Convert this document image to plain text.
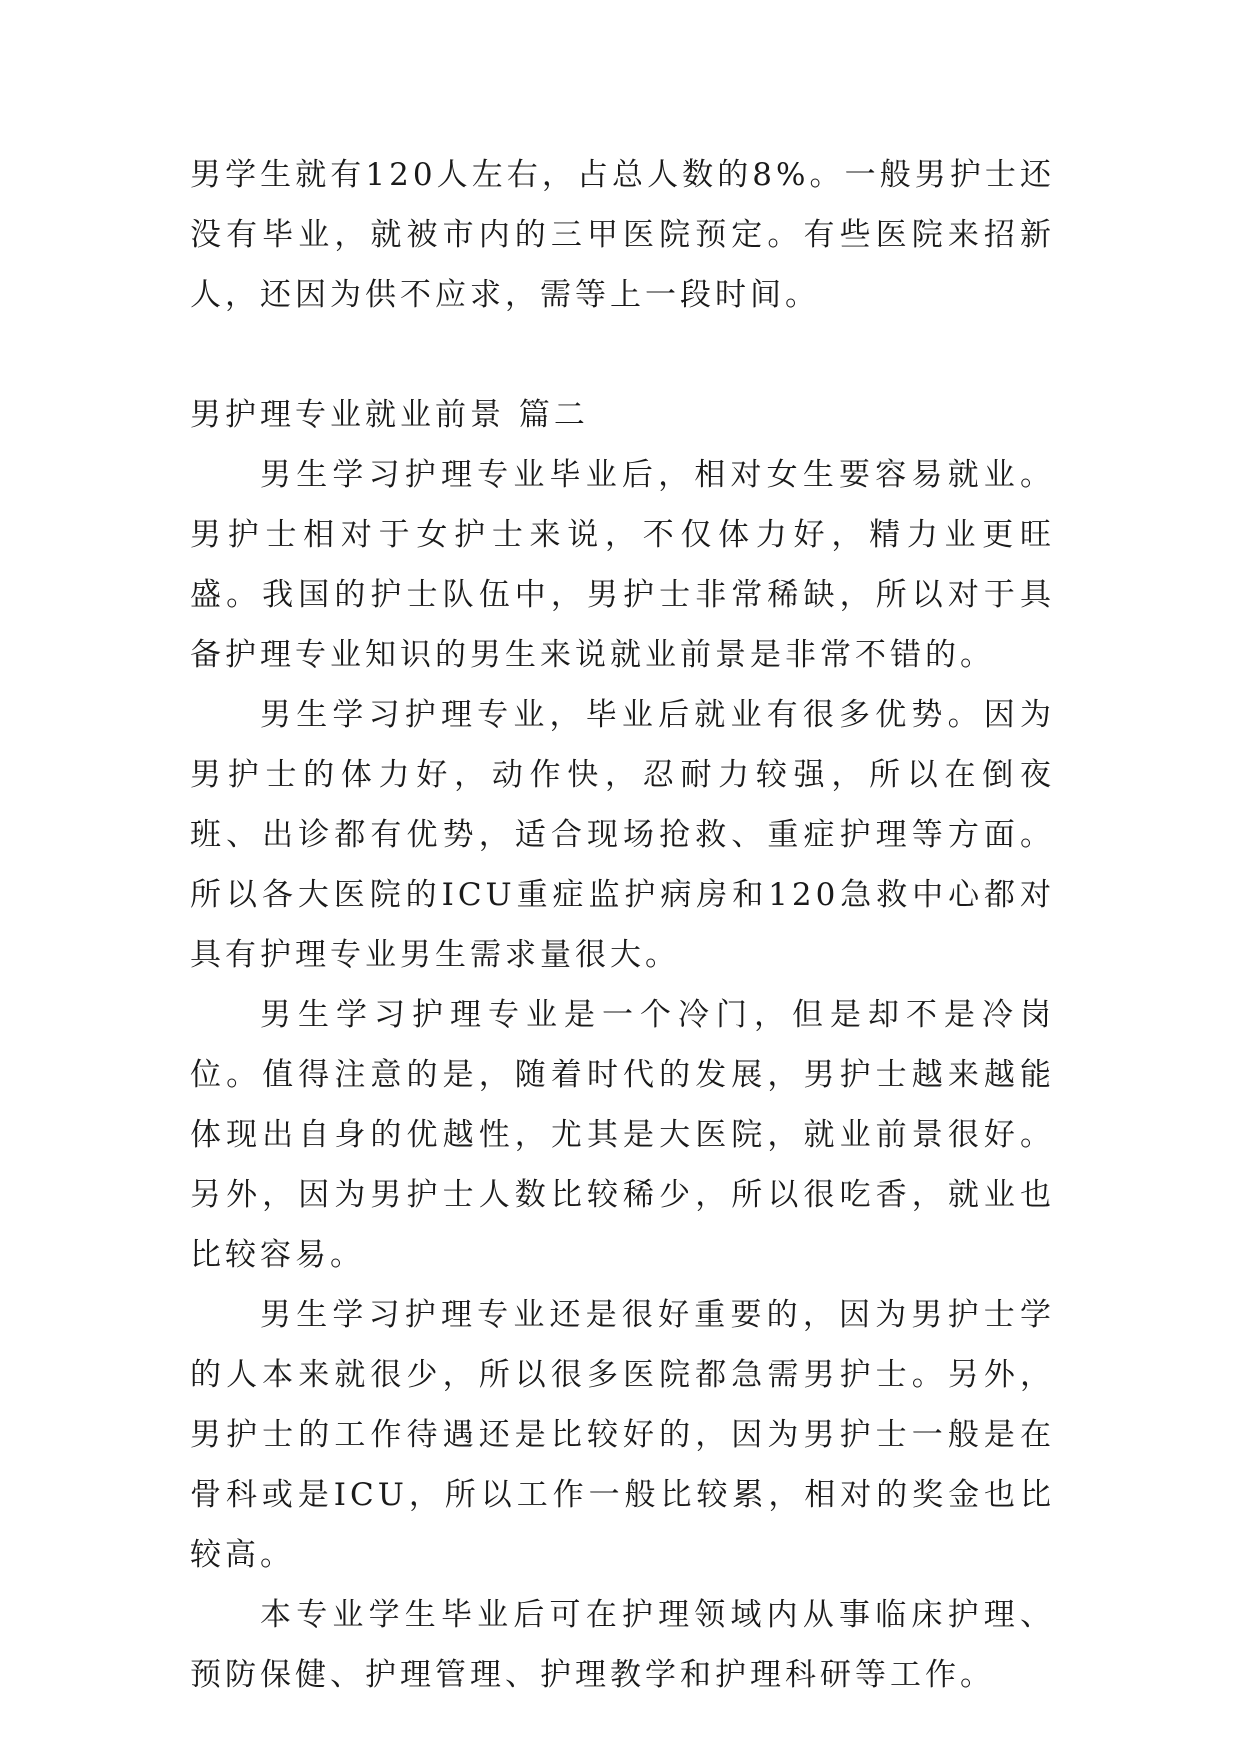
男学生就有120人左右，占总人数的8%。一般男护士还没有毕业，就被市内的三甲医院预定。有些医院来招新人，还因为供不应求，需等上一段时间。

男护理专业就业前景 篇二

男生学习护理专业毕业后，相对女生要容易就业。男护士相对于女护士来说，不仅体力好，精力业更旺盛。我国的护士队伍中，男护士非常稀缺，所以对于具备护理专业知识的男生来说就业前景是非常不错的。

男生学习护理专业，毕业后就业有很多优势。因为男护士的体力好，动作快，忍耐力较强，所以在倒夜班、出诊都有优势，适合现场抢救、重症护理等方面。所以各大医院的ICU重症监护病房和120急救中心都对具有护理专业男生需求量很大。

男生学习护理专业是一个冷门，但是却不是冷岗位。值得注意的是，随着时代的发展，男护士越来越能体现出自身的优越性，尤其是大医院，就业前景很好。另外，因为男护士人数比较稀少，所以很吃香，就业也比较容易。

男生学习护理专业还是很好重要的，因为男护士学的人本来就很少，所以很多医院都急需男护士。另外，男护士的工作待遇还是比较好的，因为男护士一般是在骨科或是ICU，所以工作一般比较累，相对的奖金也比较高。

本专业学生毕业后可在护理领域内从事临床护理、预防保健、护理管理、护理教学和护理科研等工作。
